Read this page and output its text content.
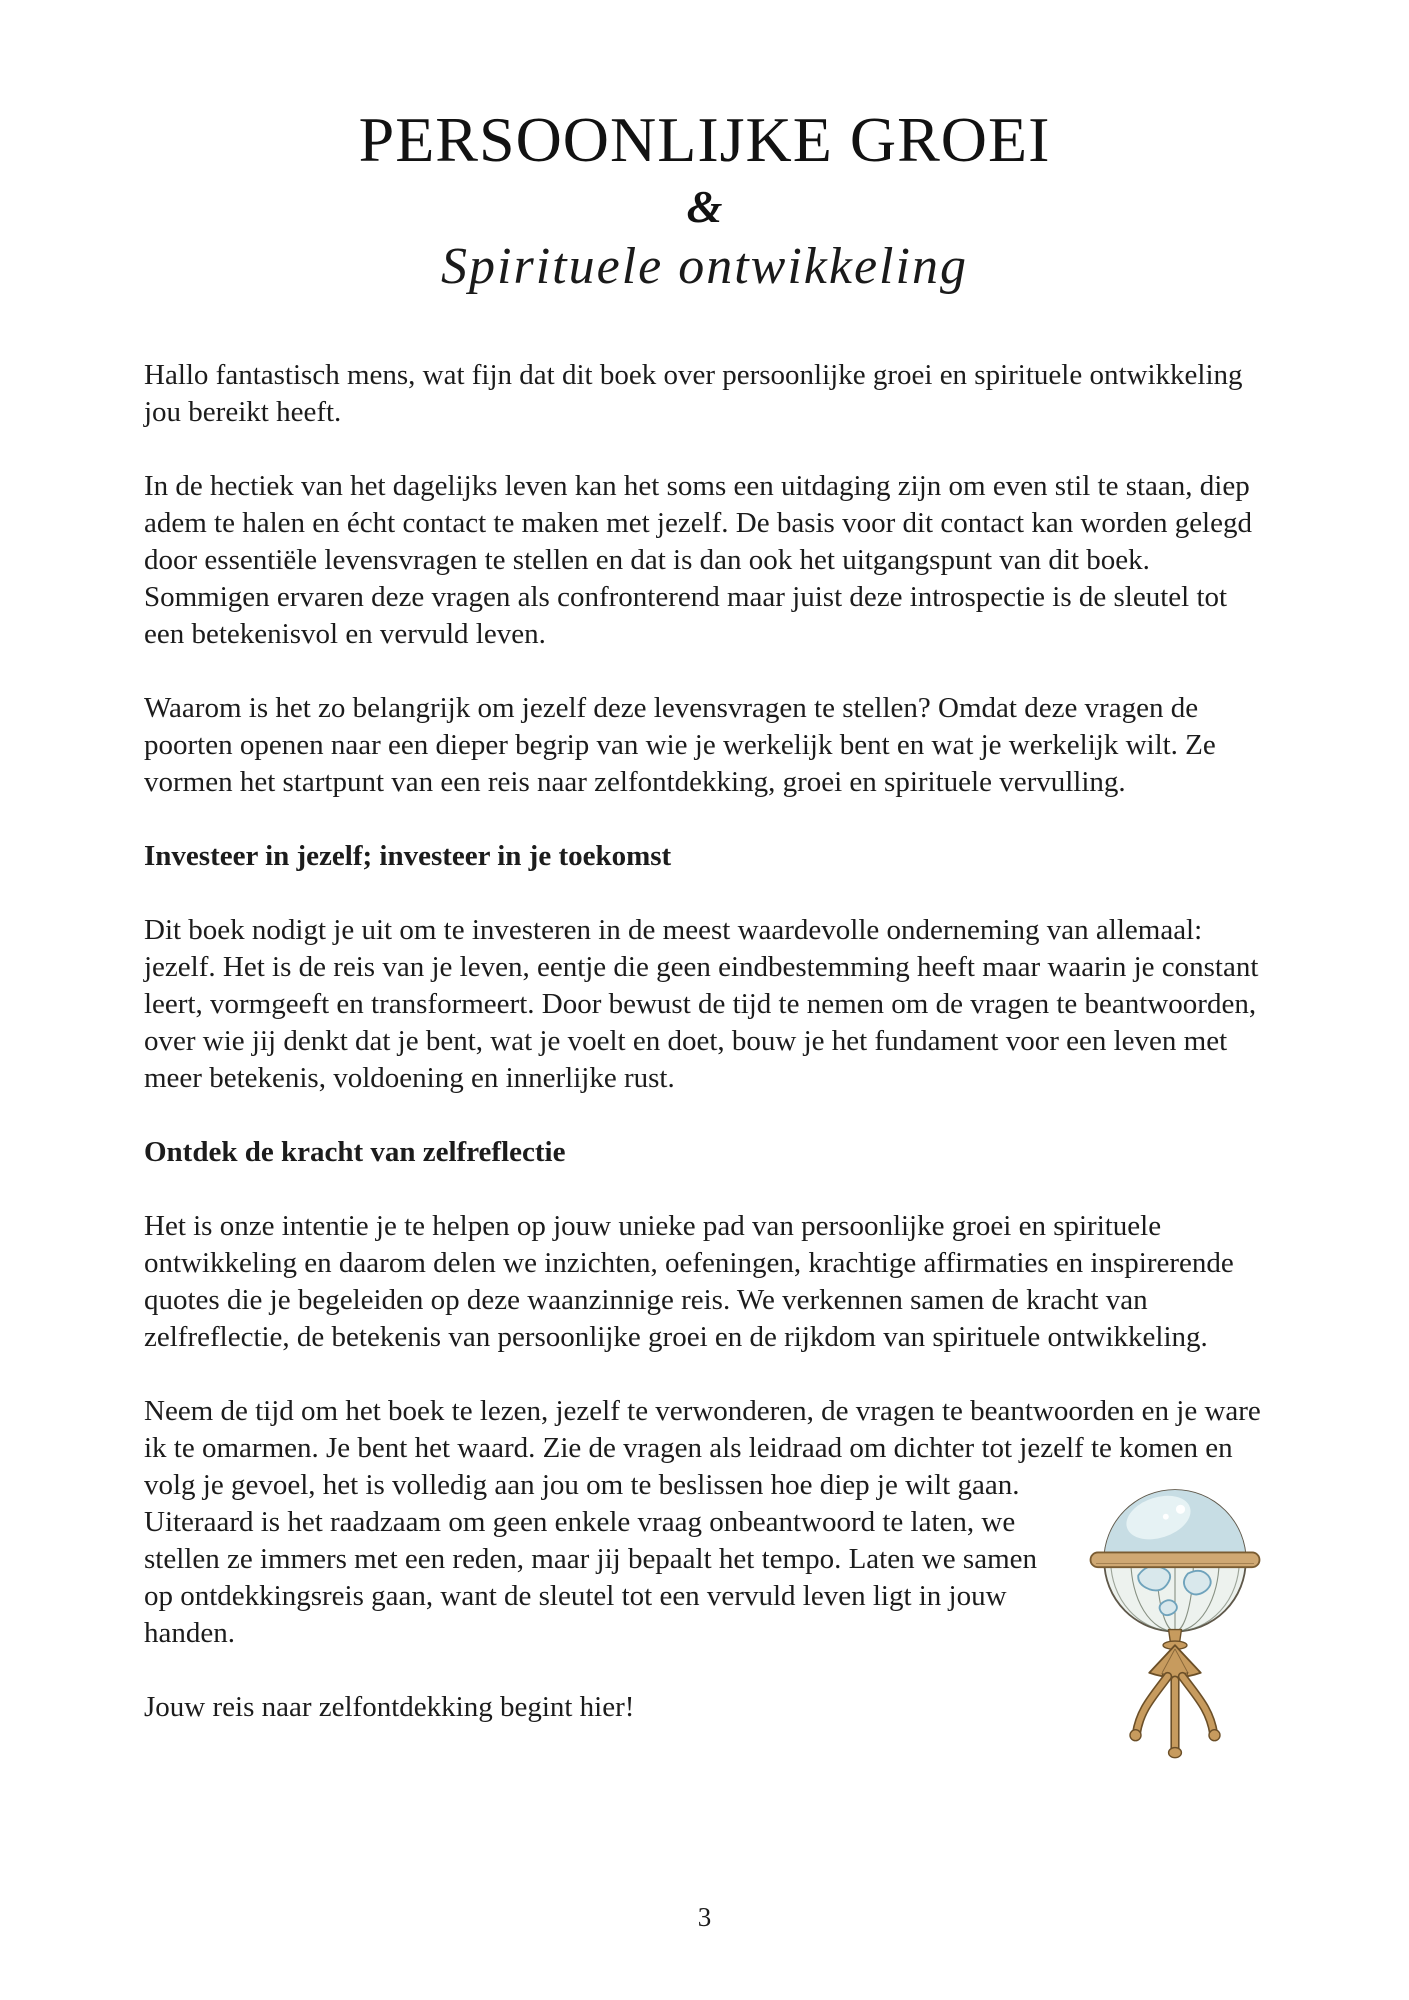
PERSOONLIJKE GROEI
&
Spirituele ontwikkeling

Hallo fantastisch mens, wat fijn dat dit boek over persoonlijke groei en spirituele ontwikkeling jou bereikt heeft.

In de hectiek van het dagelijks leven kan het soms een uitdaging zijn om even stil te staan, diep adem te halen en écht contact te maken met jezelf. De basis voor dit contact kan worden gelegd door essentiële levensvragen te stellen en dat is dan ook het uitgangspunt van dit boek. Sommigen ervaren deze vragen als confronterend maar juist deze introspectie is de sleutel tot een betekenisvol en vervuld leven.

Waarom is het zo belangrijk om jezelf deze levensvragen te stellen? Omdat deze vragen de poorten openen naar een dieper begrip van wie je werkelijk bent en wat je werkelijk wilt. Ze vormen het startpunt van een reis naar zelfontdekking, groei en spirituele vervulling.

Investeer in jezelf; investeer in je toekomst

Dit boek nodigt je uit om te investeren in de meest waardevolle onderneming van allemaal: jezelf. Het is de reis van je leven, eentje die geen eindbestemming heeft maar waarin je constant leert, vormgeeft en transformeert. Door bewust de tijd te nemen om de vragen te beantwoorden, over wie jij denkt dat je bent, wat je voelt en doet, bouw je het fundament voor een leven met meer betekenis, voldoening en innerlijke rust.

Ontdek de kracht van zelfreflectie

Het is onze intentie je te helpen op jouw unieke pad van persoonlijke groei en spirituele ontwikkeling en daarom delen we inzichten, oefeningen, krachtige affirmaties en inspirerende quotes die je begeleiden op deze waanzinnige reis. We verkennen samen de kracht van zelfreflectie, de betekenis van persoonlijke groei en de rijkdom van spirituele ontwikkeling.

Neem de tijd om het boek te lezen, jezelf te verwonderen, de vragen te beantwoorden en je ware ik te omarmen. Je bent het waard. Zie de vragen als leidraad om dichter tot jezelf te komen en volg je gevoel, het is volledig aan jou om te beslissen hoe diep je wilt gaan. Uiteraard is het raadzaam om geen enkele vraag onbeantwoord te laten, we stellen ze immers met een reden, maar jij bepaalt het tempo. Laten we samen op ontdekkingsreis gaan, want de sleutel tot een vervuld leven ligt in jouw handen.

Jouw reis naar zelfontdekking begint hier!

3
